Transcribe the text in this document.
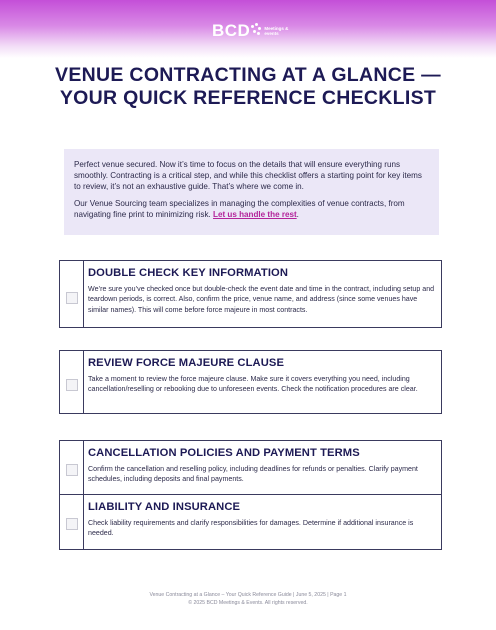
BCD	Meetings & events
VENUE CONTRACTING AT A GLANCE —
YOUR QUICK REFERENCE CHECKLIST

Perfect venue secured. Now it’s time to focus on the details that will ensure everything runs smoothly. Contracting is a critical step, and while this checklist offers a starting point for key items to review, it’s not an exhaustive guide. That’s where we come in.

Our Venue Sourcing team specializes in managing the complexities of venue contracts, from navigating fine print to minimizing risk. Let us handle the rest.

DOUBLE CHECK KEY INFORMATION
We’re sure you’ve checked once but double-check the event date and time in the contract, including setup and teardown periods, is correct. Also, confirm the price, venue name, and address (since some venues have similar names). This will come before force majeure in most contracts.
REVIEW FORCE MAJEURE CLAUSE
Take a moment to review the force majeure clause. Make sure it covers everything you need, including cancellation/reselling or rebooking due to unforeseen events. Check the notification procedures are clear.
CANCELLATION POLICIES AND PAYMENT TERMS
Confirm the cancellation and reselling policy, including deadlines for refunds or penalties. Clarify payment schedules, including deposits and final payments.
LIABILITY AND INSURANCE
Check liability requirements and clarify responsibilities for damages. Determine if additional insurance is needed.
Venue Contracting at a Glance – Your Quick Reference Guide | June 5, 2025 | Page 1
© 2025 BCD Meetings & Events. All rights reserved.
